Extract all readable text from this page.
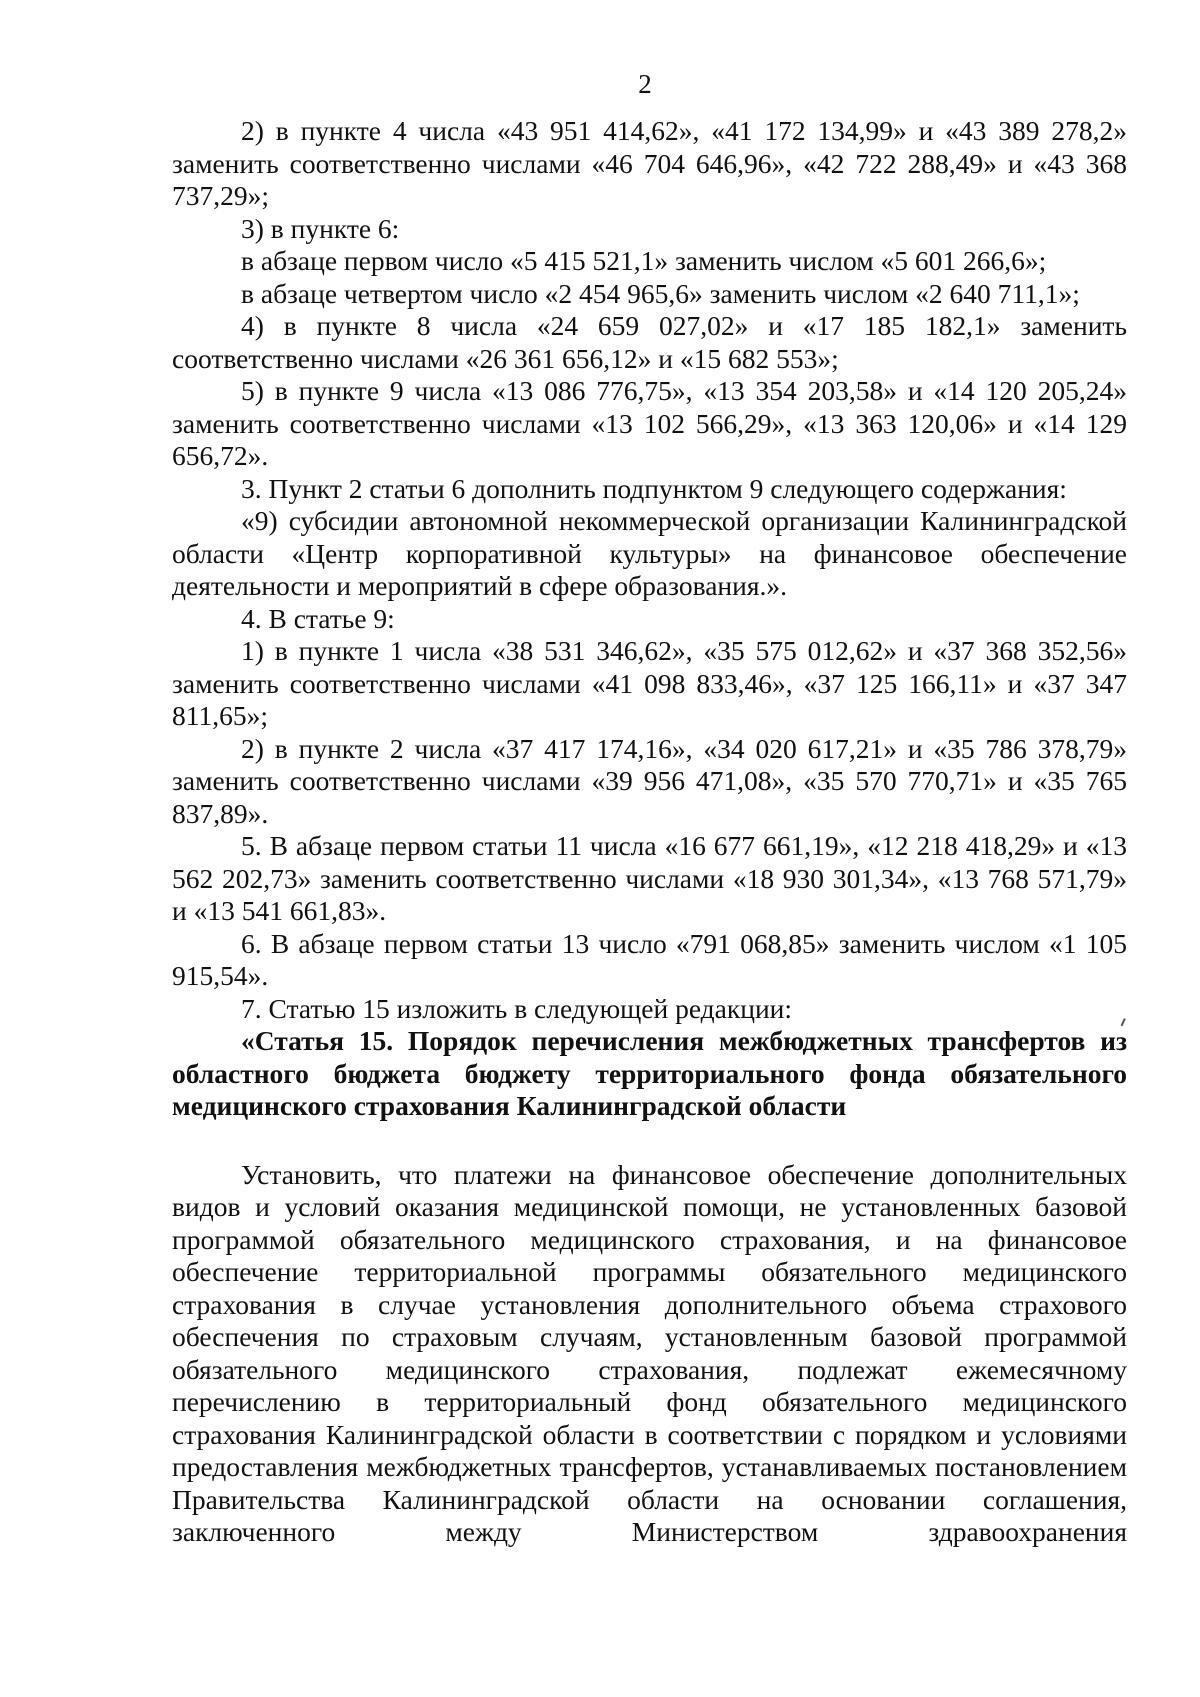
2

2) в пункте 4 числа «43 951 414,62», «41 172 134,99» и «43 389 278,2» заменить соответственно числами «46 704 646,96», «42 722 288,49» и «43 368 737,29»;

3) в пункте 6:

в абзаце первом число «5 415 521,1» заменить числом «5 601 266,6»;

в абзаце четвертом число «2 454 965,6» заменить числом «2 640 711,1»;

4) в пункте 8 числа «24 659 027,02» и «17 185 182,1» заменить соответственно числами «26 361 656,12» и «15 682 553»;

5) в пункте 9 числа «13 086 776,75», «13 354 203,58» и «14 120 205,24» заменить соответственно числами «13 102 566,29», «13 363 120,06» и «14 129 656,72».

3. Пункт 2 статьи 6 дополнить подпунктом 9 следующего содержания:

«9) субсидии автономной некоммерческой организации Калининградской области «Центр корпоративной культуры» на финансовое обеспечение деятельности и мероприятий в сфере образования.».

4. В статье 9:

1) в пункте 1 числа «38 531 346,62», «35 575 012,62» и «37 368 352,56» заменить соответственно числами «41 098 833,46», «37 125 166,11» и «37 347 811,65»;

2) в пункте 2 числа «37 417 174,16», «34 020 617,21» и «35 786 378,79» заменить соответственно числами «39 956 471,08», «35 570 770,71» и «35 765 837,89».

5. В абзаце первом статьи 11 числа «16 677 661,19», «12 218 418,29» и «13 562 202,73» заменить соответственно числами «18 930 301,34», «13 768 571,79» и «13 541 661,83».

6. В абзаце первом статьи 13 число «791 068,85» заменить числом «1 105 915,54».

7. Статью 15 изложить в следующей редакции:

«Статья 15. Порядок перечисления межбюджетных трансфертов из областного бюджета бюджету территориального фонда обязательного медицинского страхования Калининградской области

Установить, что платежи на финансовое обеспечение дополнительных видов и условий оказания медицинской помощи, не установленных базовой программой обязательного медицинского страхования, и на финансовое обеспечение территориальной программы обязательного медицинского страхования в случае установления дополнительного объема страхового обеспечения по страховым случаям, установленным базовой программой обязательного медицинского страхования, подлежат ежемесячному перечислению в территориальный фонд обязательного медицинского страхования Калининградской области в соответствии с порядком и условиями предоставления межбюджетных трансфертов, устанавливаемых постановлением Правительства Калининградской области на основании соглашения, заключенного между Министерством здравоохранения
